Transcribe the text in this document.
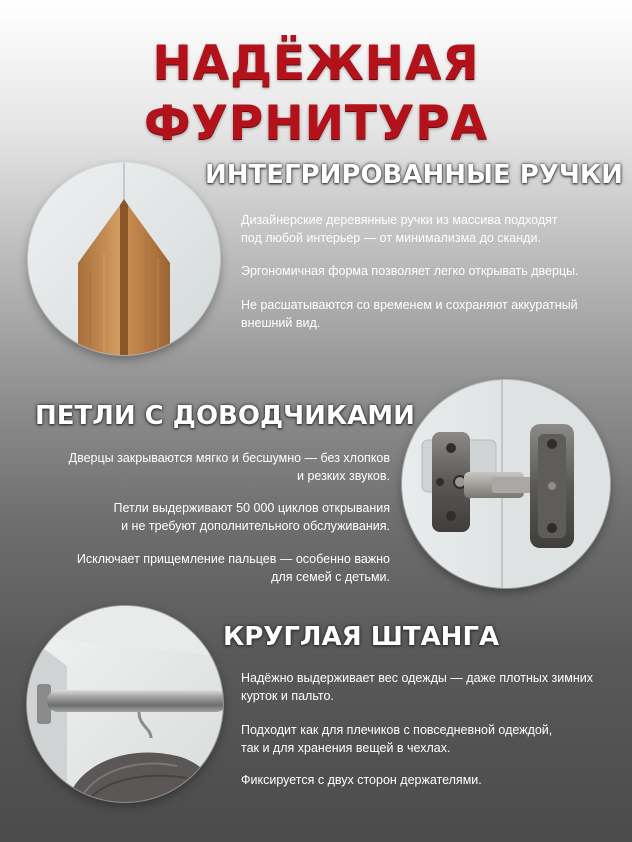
НАДЁЖНАЯ
ФУРНИТУРА
ИНТЕГРИРОВАННЫЕ РУЧКИ

Дизайнерские деревянные ручки из массива подходят
под любой интерьер — от минимализма до сканди.

Эргономичная форма позволяет легко открывать дверцы.

Не расшатываются со временем и сохраняют аккуратный
внешний вид.

ПЕТЛИ С ДОВОДЧИКАМИ

Дверцы закрываются мягко и бесшумно — без хлопков
и резких звуков.

Петли выдерживают 50 000 циклов открывания
и не требуют дополнительного обслуживания.

Исключает прищемление пальцев — особенно важно
для семей с детьми.

КРУГЛАЯ ШТАНГА

Надёжно выдерживает вес одежды — даже плотных зимних
курток и пальто.

Подходит как для плечиков с повседневной одеждой,
так и для хранения вещей в чехлах.

Фиксируется с двух сторон держателями.
